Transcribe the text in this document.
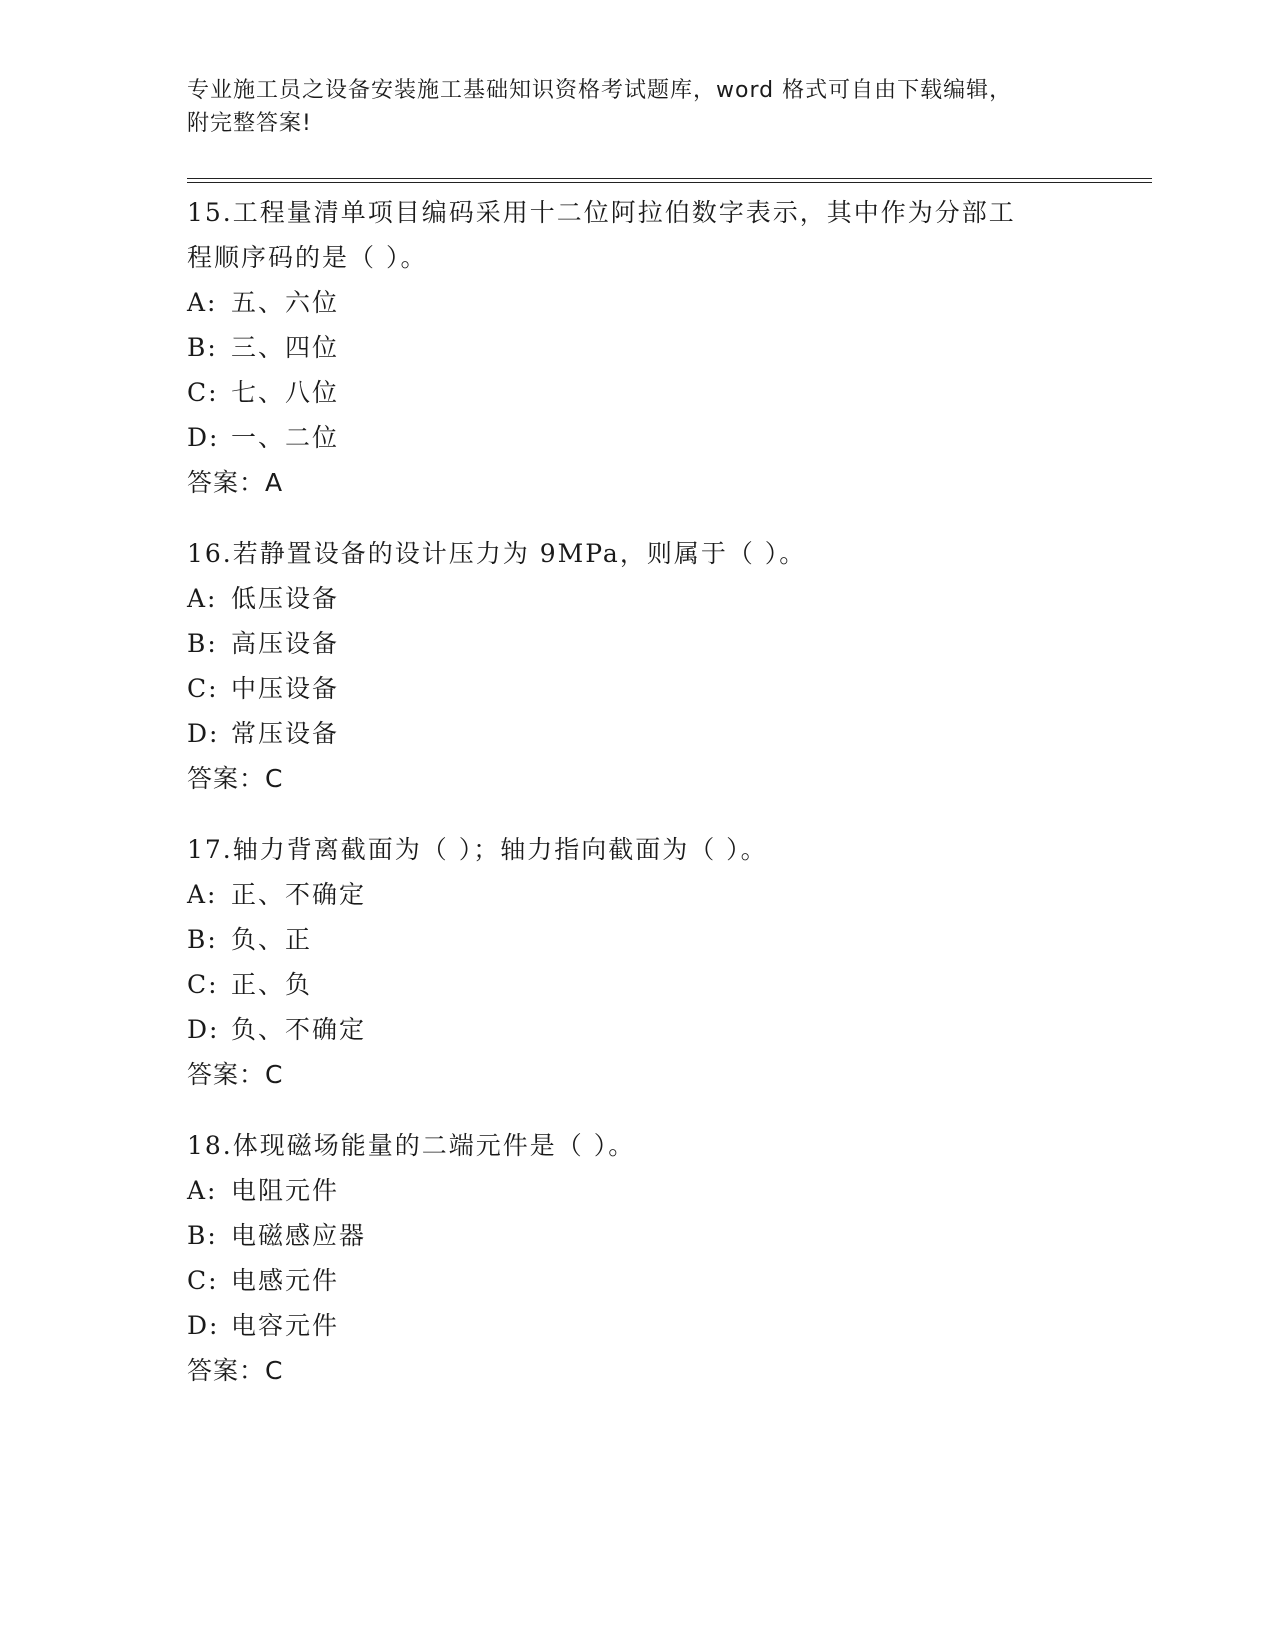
专业施工员之设备安装施工基础知识资格考试题库，word 格式可自由下载编辑，
附完整答案!
15.工程量清单项目编码采用十二位阿拉伯数字表示，其中作为分部工
程顺序码的是（ ）。
A: 五、六位
B: 三、四位
C: 七、八位
D: 一、二位
答案：A
16.若静置设备的设计压力为 9MPa，则属于（ ）。
A: 低压设备
B: 高压设备
C: 中压设备
D: 常压设备
答案：C
17.轴力背离截面为（ ）；轴力指向截面为（ ）。
A: 正、不确定
B: 负、正
C: 正、负
D: 负、不确定
答案：C
18.体现磁场能量的二端元件是（ ）。
A: 电阻元件
B: 电磁感应器
C: 电感元件
D: 电容元件
答案：C
